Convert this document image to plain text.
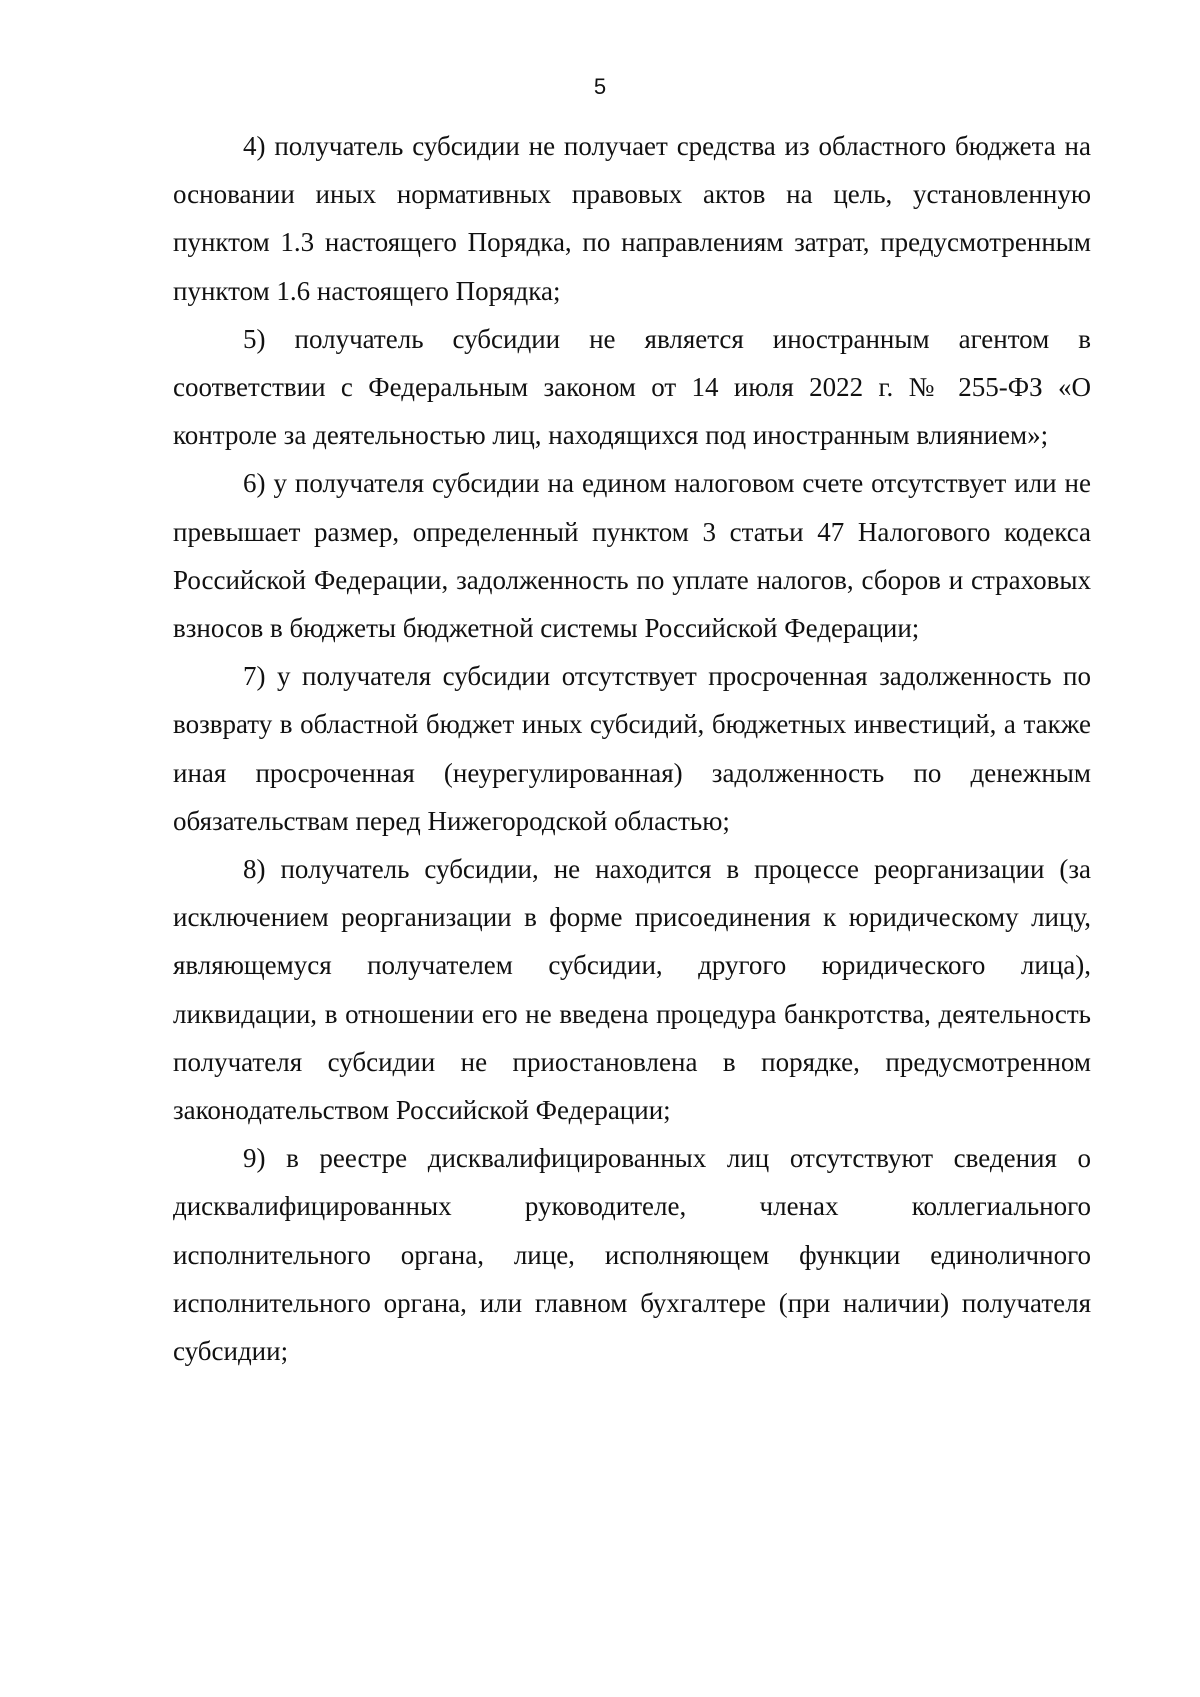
5

4) получатель субсидии не получает средства из областного бюджета на основании иных нормативных правовых актов на цель, установленную пунктом 1.3 настоящего Порядка, по направлениям затрат, предусмотренным пунктом 1.6 настоящего Порядка;

5) получатель субсидии не является иностранным агентом в соответствии с Федеральным законом от 14 июля 2022 г. № 255-ФЗ «О контроле за деятельностью лиц, находящихся под иностранным влиянием»;

6) у получателя субсидии на едином налоговом счете отсутствует или не превышает размер, определенный пунктом 3 статьи 47 Налогового кодекса Российской Федерации, задолженность по уплате налогов, сборов и страховых взносов в бюджеты бюджетной системы Российской Федерации;

7) у получателя субсидии отсутствует просроченная задолженность по возврату в областной бюджет иных субсидий, бюджетных инвестиций, а также иная просроченная (неурегулированная) задолженность по денежным обязательствам перед Нижегородской областью;

8) получатель субсидии, не находится в процессе реорганизации (за исключением реорганизации в форме присоединения к юридическому лицу, являющемуся получателем субсидии, другого юридического лица), ликвидации, в отношении его не введена процедура банкротства, деятельность получателя субсидии не приостановлена в порядке, предусмотренном законодательством Российской Федерации;

9) в реестре дисквалифицированных лиц отсутствуют сведения о дисквалифицированных руководителе, членах коллегиального исполнительного органа, лице, исполняющем функции единоличного исполнительного органа, или главном бухгалтере (при наличии) получателя субсидии;
